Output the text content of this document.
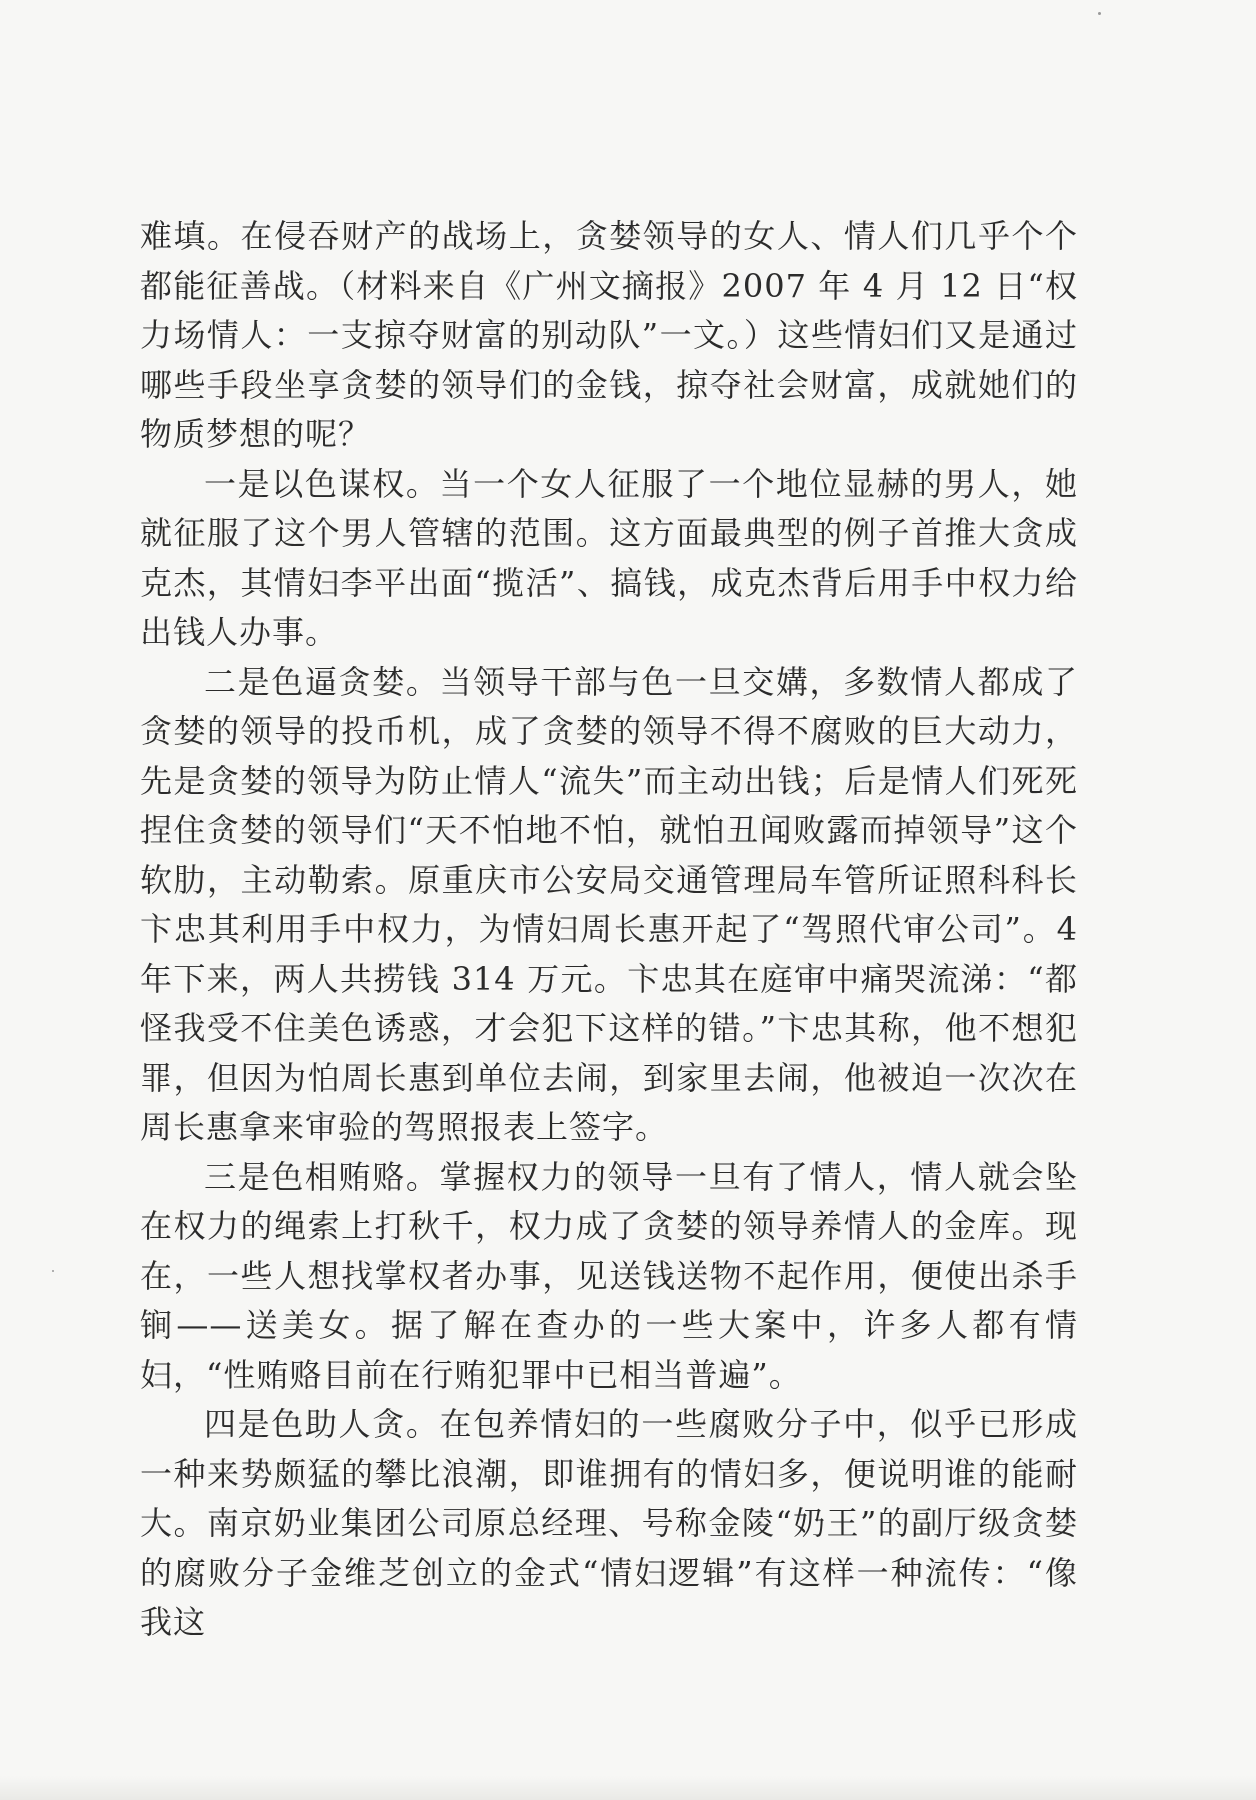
难填。在侵吞财产的战场上，贪婪领导的女人、情人们几乎个个都能征善战。（材料来自《广州文摘报》2007 年 4 月 12 日“权力场情人：一支掠夺财富的别动队”一文。）这些情妇们又是通过哪些手段坐享贪婪的领导们的金钱，掠夺社会财富，成就她们的物质梦想的呢？

一是以色谋权。当一个女人征服了一个地位显赫的男人，她就征服了这个男人管辖的范围。这方面最典型的例子首推大贪成克杰，其情妇李平出面“揽活”、搞钱，成克杰背后用手中权力给出钱人办事。

二是色逼贪婪。当领导干部与色一旦交媾，多数情人都成了贪婪的领导的投币机，成了贪婪的领导不得不腐败的巨大动力，先是贪婪的领导为防止情人“流失”而主动出钱；后是情人们死死捏住贪婪的领导们“天不怕地不怕，就怕丑闻败露而掉领导”这个软肋，主动勒索。原重庆市公安局交通管理局车管所证照科科长卞忠其利用手中权力，为情妇周长惠开起了“驾照代审公司”。4 年下来，两人共捞钱 314 万元。卞忠其在庭审中痛哭流涕：“都怪我受不住美色诱惑，才会犯下这样的错。”卞忠其称，他不想犯罪，但因为怕周长惠到单位去闹，到家里去闹，他被迫一次次在周长惠拿来审验的驾照报表上签字。

三是色相贿赂。掌握权力的领导一旦有了情人，情人就会坠在权力的绳索上打秋千，权力成了贪婪的领导养情人的金库。现在，一些人想找掌权者办事，见送钱送物不起作用，便使出杀手锏——送美女。据了解在查办的一些大案中，许多人都有情妇，“性贿赂目前在行贿犯罪中已相当普遍”。

四是色助人贪。在包养情妇的一些腐败分子中，似乎已形成一种来势颇猛的攀比浪潮，即谁拥有的情妇多，便说明谁的能耐大。南京奶业集团公司原总经理、号称金陵“奶王”的副厅级贪婪的腐败分子金维芝创立的金式“情妇逻辑”有这样一种流传：“像我这
